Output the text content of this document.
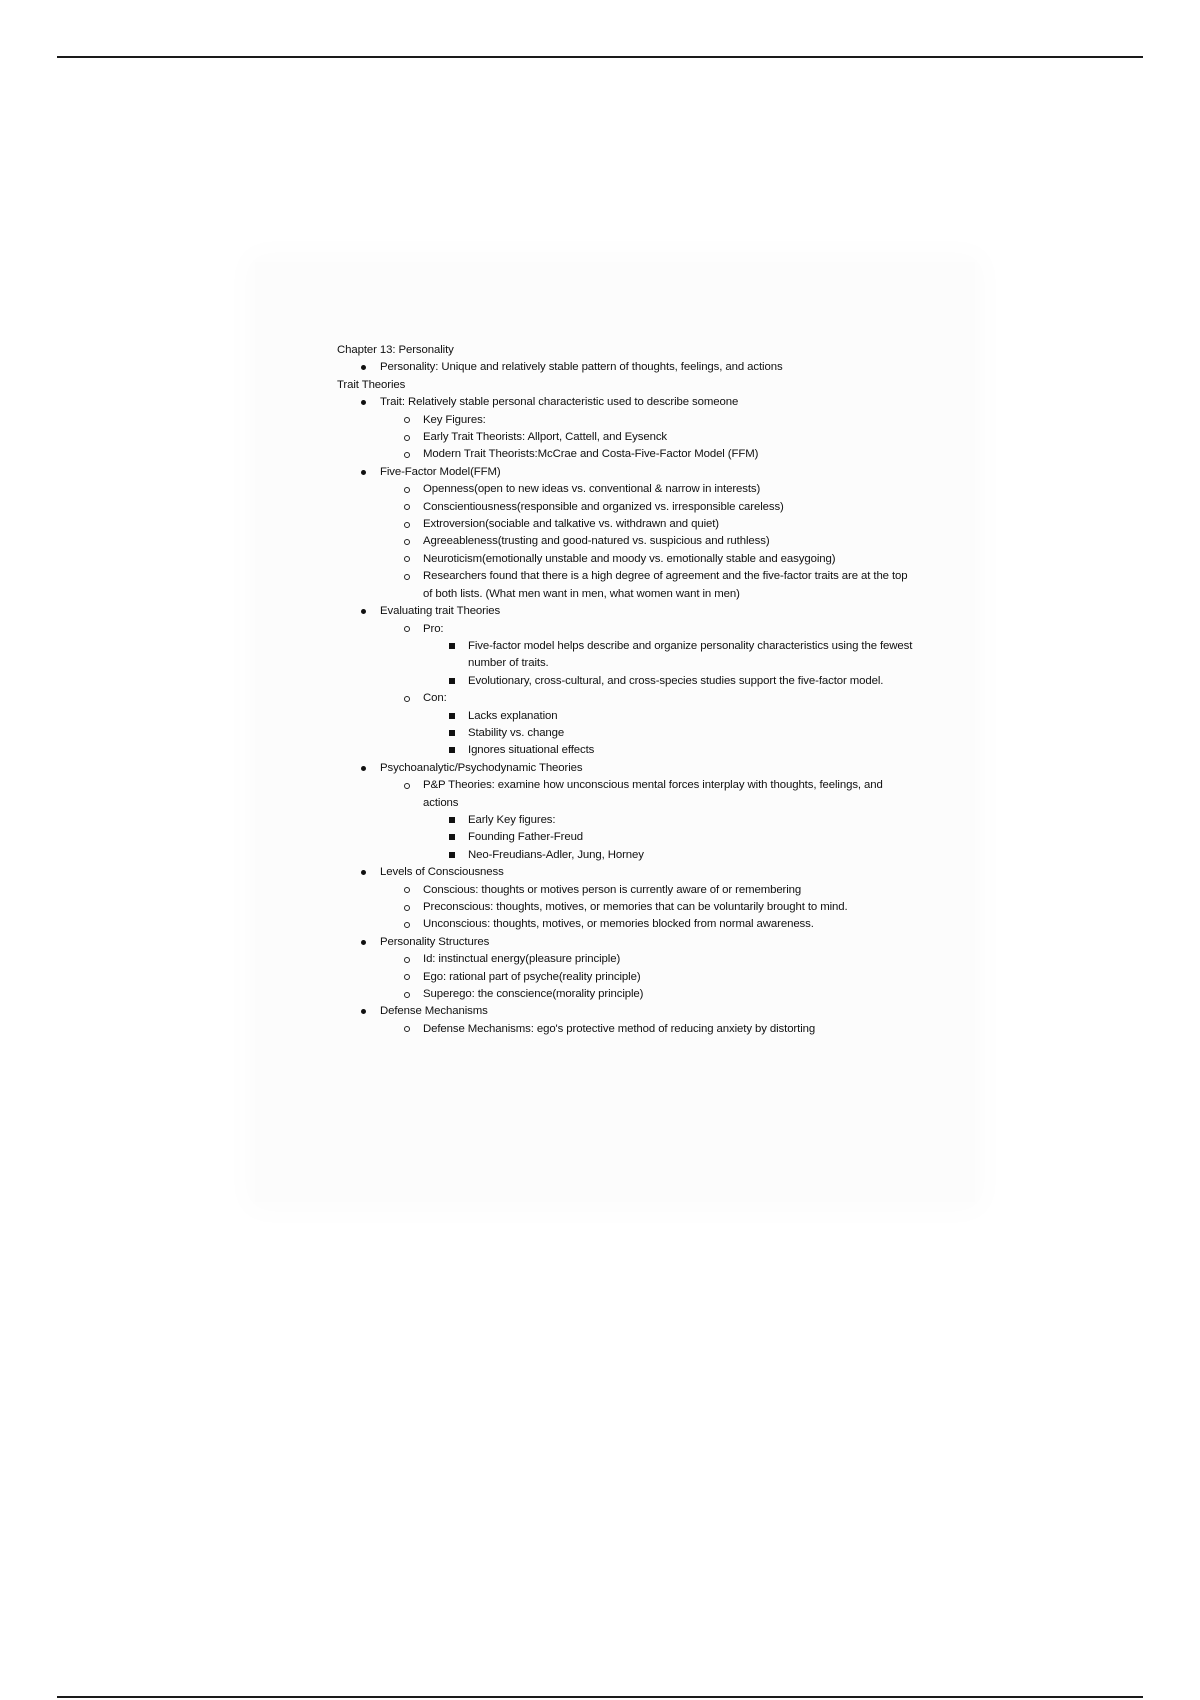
Chapter 13: Personality

Personality: Unique and relatively stable pattern of thoughts, feelings, and actions

Trait Theories

Trait: Relatively stable personal characteristic used to describe someone
Key Figures:
Early Trait Theorists: Allport, Cattell, and Eysenck
Modern Trait Theorists:McCrae and Costa-Five-Factor Model (FFM)
Five-Factor Model(FFM)
Openness(open to new ideas vs. conventional & narrow in interests)
Conscientiousness(responsible and organized vs. irresponsible careless)
Extroversion(sociable and talkative vs. withdrawn and quiet)
Agreeableness(trusting and good-natured vs. suspicious and ruthless)
Neuroticism(emotionally unstable and moody vs. emotionally stable and easygoing)
Researchers found that there is a high degree of agreement and the five-factor traits are at the top of both lists. (What men want in men, what women want in men)
Evaluating trait Theories
Pro:
Five-factor model helps describe and organize personality characteristics using the fewest number of traits.
Evolutionary, cross-cultural, and cross-species studies support the five-factor model.
Con:
Lacks explanation
Stability vs. change
Ignores situational effects
Psychoanalytic/Psychodynamic Theories
P&P Theories: examine how unconscious mental forces interplay with thoughts, feelings, and actions
Early Key figures:
Founding Father-Freud
Neo-Freudians-Adler, Jung, Horney
Levels of Consciousness
Conscious: thoughts or motives person is currently aware of or remembering
Preconscious: thoughts, motives, or memories that can be voluntarily brought to mind.
Unconscious: thoughts, motives, or memories blocked from normal awareness.
Personality Structures
Id: instinctual energy(pleasure principle)
Ego: rational part of psyche(reality principle)
Superego: the conscience(morality principle)
Defense Mechanisms
Defense Mechanisms: ego's protective method of reducing anxiety by distorting
